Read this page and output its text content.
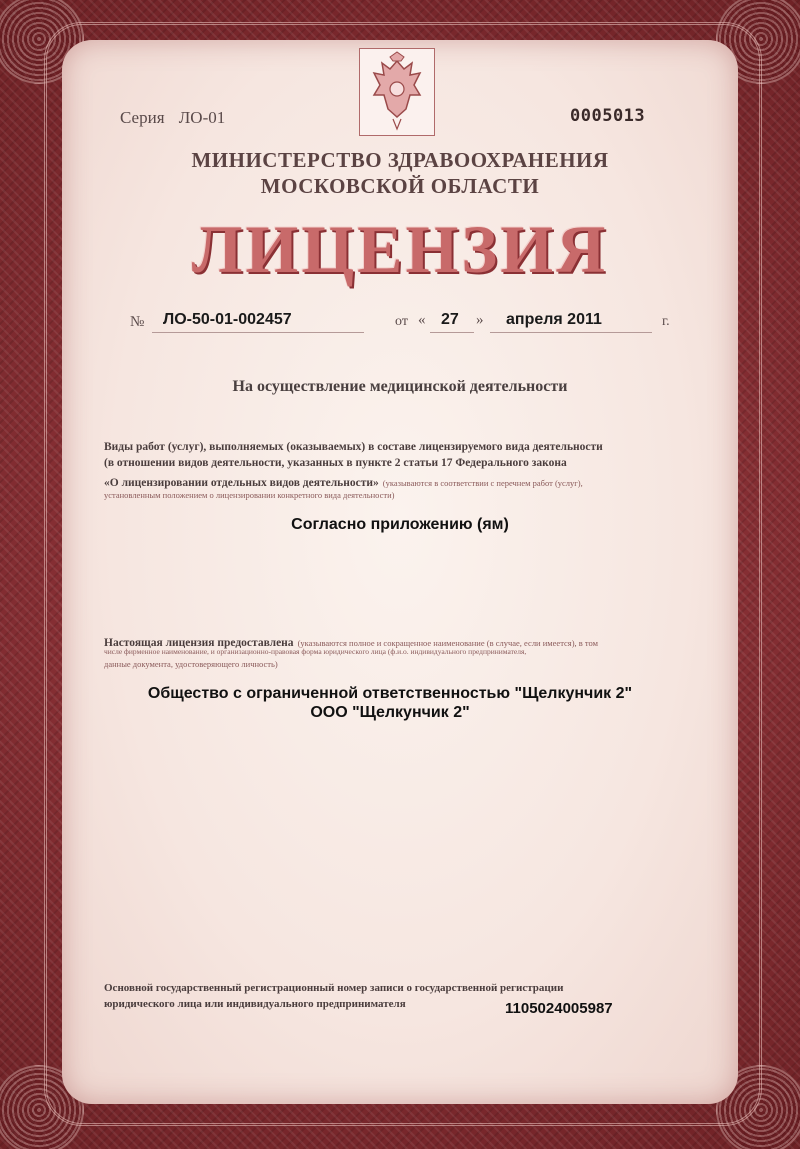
Серия ЛО-01	0005013
МИНИСТЕРСТВО ЗДРАВООХРАНЕНИЯ
МОСКОВСКОЙ ОБЛАСТИ
ЛИЦЕНЗИЯ
№ ЛО-50-01-002457	от « 27 » апреля 2011	г.
На осуществление медицинской деятельности
Виды работ (услуг), выполняемых (оказываемых) в составе лицензируемого вида деятельности
(в отношении видов деятельности, указанных в пункте 2 статьи 17 Федерального закона
«О лицензировании отдельных видов деятельности» (указываются в соответствии с перечнем работ (услуг),
установленным положением о лицензировании конкретного вида деятельности)
Согласно приложению (ям)
Настоящая лицензия предоставлена (указываются полное и сокращенное наименование (в случае, если имеется), в том
числе фирменное наименование, и организационно-правовая форма юридического лица (ф.и.о. индивидуального предпринимателя,
данные документа, удостоверяющего личность)
Общество с ограниченной ответственностью "Щелкунчик 2"
ООО "Щелкунчик 2"
Основной государственный регистрационный номер записи о государственной регистрации
юридического лица или индивидуального предпринимателя	1105024005987
